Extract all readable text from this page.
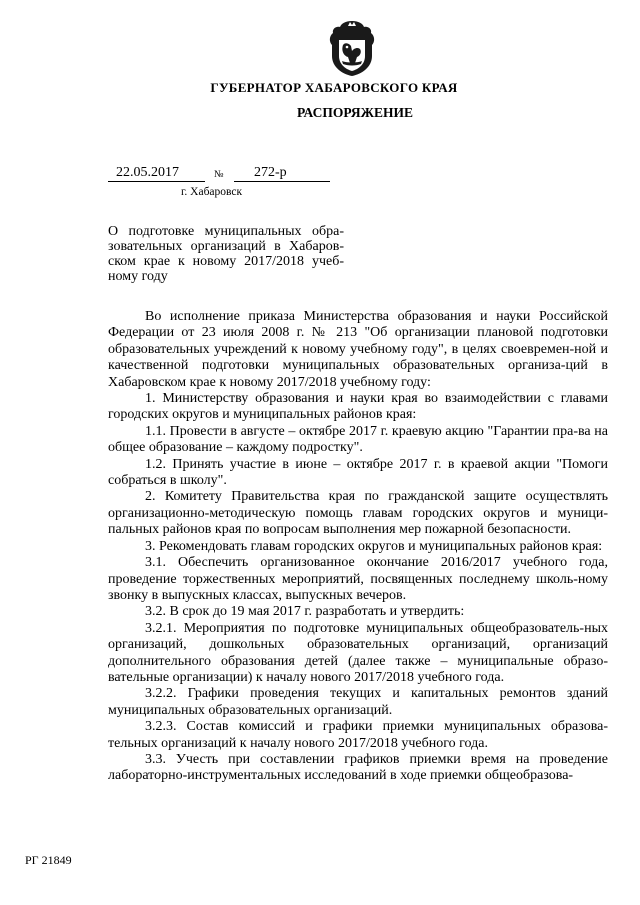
ГУБЕРНАТОР ХАБАРОВСКОГО КРАЯ
РАСПОРЯЖЕНИЕ
22.05.2017	№	272-р
г. Хабаровск
О подготовке муниципальных обра-зовательных организаций в Хабаров-ском крае к новому 2017/2018 учеб-ному году

Во исполнение приказа Министерства образования и науки Российской Федерации от 23 июля 2008 г. № 213 "Об организации плановой подготовки образовательных учреждений к новому учебному году", в целях своевремен-ной и качественной подготовки муниципальных образовательных организа-ций в Хабаровском крае к новому 2017/2018 учебному году:

1. Министерству образования и науки края во взаимодействии с главами городских округов и муниципальных районов края:

1.1. Провести в августе – октябре 2017 г. краевую акцию "Гарантии пра-ва на общее образование – каждому подростку".

1.2. Принять участие в июне – октябре 2017 г. в краевой акции "Помоги собраться в школу".

2. Комитету Правительства края по гражданской защите осуществлять организационно-методическую помощь главам городских округов и муници-пальных районов края по вопросам выполнения мер пожарной безопасности.

3. Рекомендовать главам городских округов и муниципальных районов края:

3.1. Обеспечить организованное окончание 2016/2017 учебного года, проведение торжественных мероприятий, посвященных последнему школь-ному звонку в выпускных классах, выпускных вечеров.

3.2. В срок до 19 мая 2017 г. разработать и утвердить:

3.2.1. Мероприятия по подготовке муниципальных общеобразователь-ных организаций, дошкольных образовательных организаций, организаций дополнительного образования детей (далее также – муниципальные образо-вательные организации) к началу нового 2017/2018 учебного года.

3.2.2. Графики проведения текущих и капитальных ремонтов зданий муниципальных образовательных организаций.

3.2.3. Состав комиссий и графики приемки муниципальных образова-тельных организаций к началу нового 2017/2018 учебного года.

3.3. Учесть при составлении графиков приемки время на проведение лабораторно-инструментальных исследований в ходе приемки общеобразова-

РГ 21849
